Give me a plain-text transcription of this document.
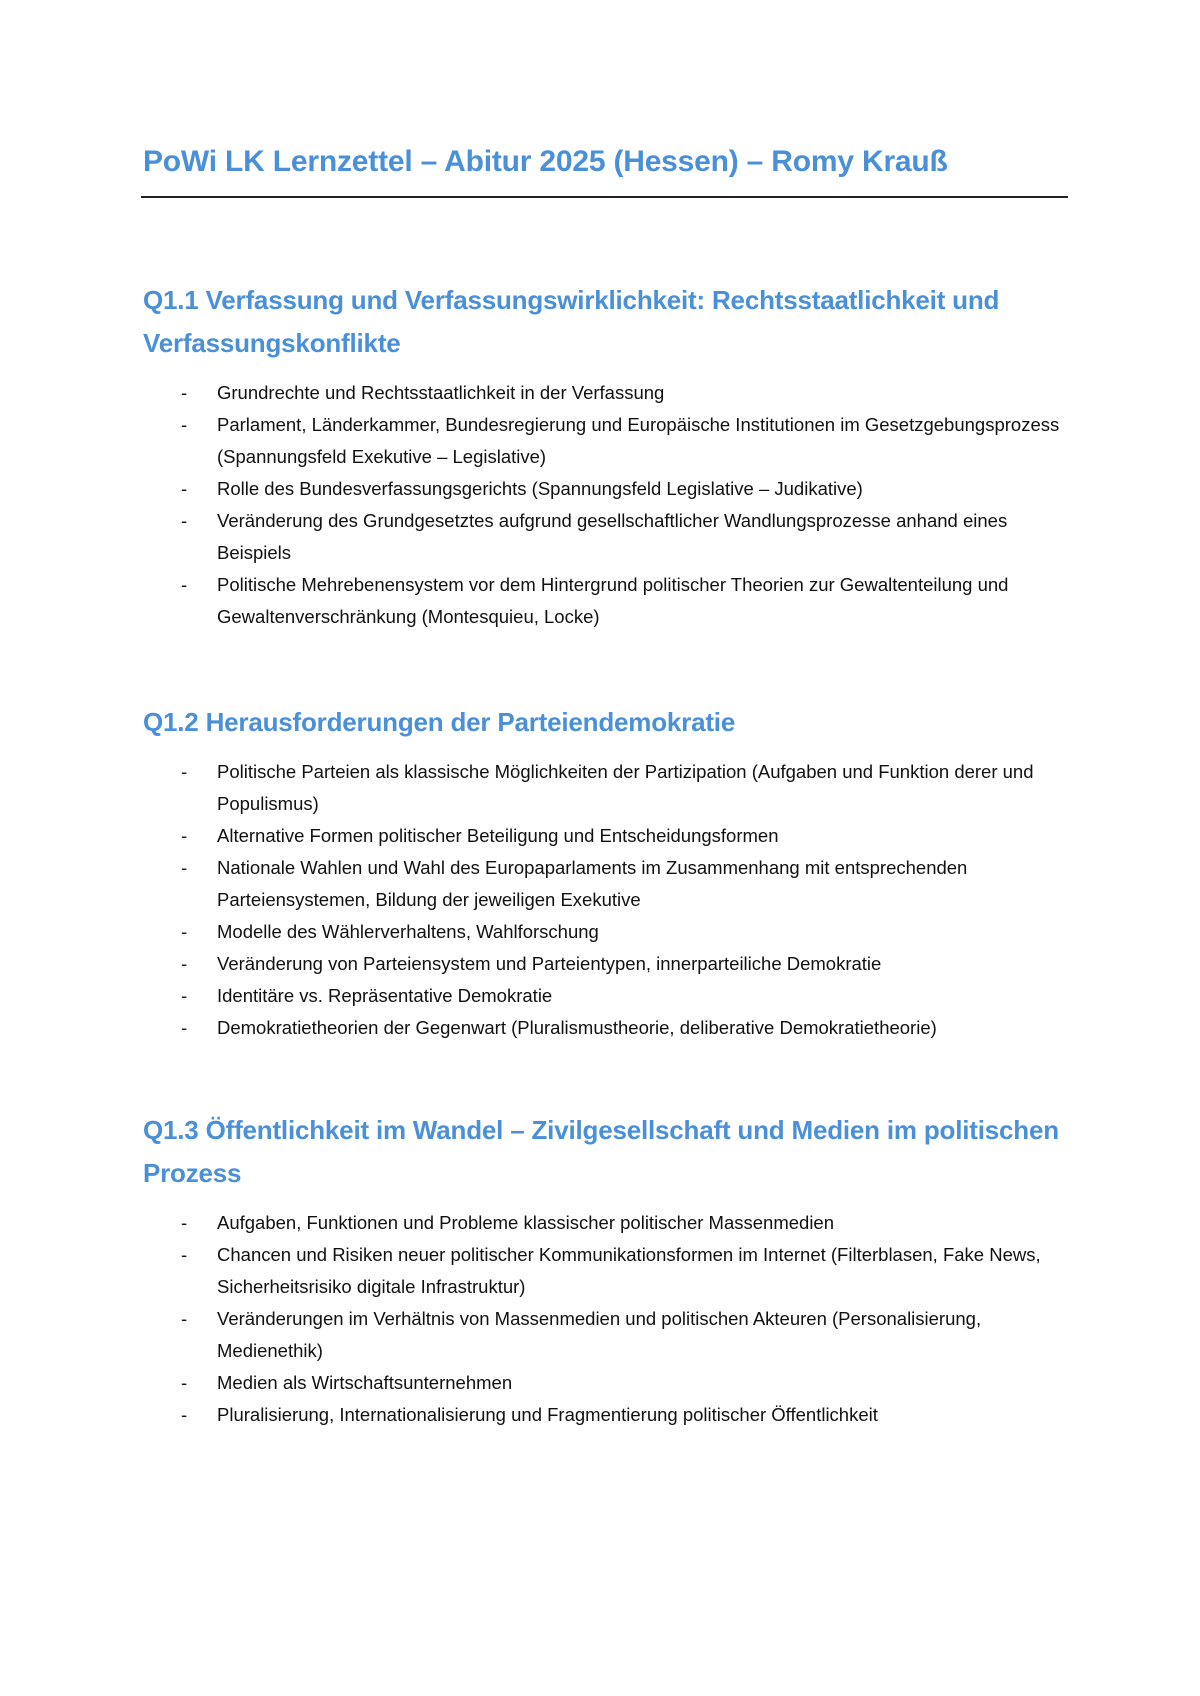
PoWi LK Lernzettel – Abitur 2025 (Hessen) – Romy Krauß
Q1.1 Verfassung und Verfassungswirklichkeit: Rechtsstaatlichkeit und Verfassungskonflikte
- Grundrechte und Rechtsstaatlichkeit in der Verfassung
- Parlament, Länderkammer, Bundesregierung und Europäische Institutionen im Gesetzgebungsprozess (Spannungsfeld Exekutive – Legislative)
- Rolle des Bundesverfassungsgerichts (Spannungsfeld Legislative – Judikative)
- Veränderung des Grundgesetztes aufgrund gesellschaftlicher Wandlungsprozesse anhand eines Beispiels
- Politische Mehrebenensystem vor dem Hintergrund politischer Theorien zur Gewaltenteilung und Gewaltenverschränkung (Montesquieu, Locke)
Q1.2 Herausforderungen der Parteiendemokratie
- Politische Parteien als klassische Möglichkeiten der Partizipation (Aufgaben und Funktion derer und Populismus)
- Alternative Formen politischer Beteiligung und Entscheidungsformen
- Nationale Wahlen und Wahl des Europaparlaments im Zusammenhang mit entsprechenden Parteiensystemen, Bildung der jeweiligen Exekutive
- Modelle des Wählerverhaltens, Wahlforschung
- Veränderung von Parteiensystem und Parteientypen, innerparteiliche Demokratie
- Identitäre vs. Repräsentative Demokratie
- Demokratietheorien der Gegenwart (Pluralismustheorie, deliberative Demokratietheorie)
Q1.3 Öffentlichkeit im Wandel – Zivilgesellschaft und Medien im politischen Prozess
- Aufgaben, Funktionen und Probleme klassischer politischer Massenmedien
- Chancen und Risiken neuer politischer Kommunikationsformen im Internet (Filterblasen, Fake News, Sicherheitsrisiko digitale Infrastruktur)
- Veränderungen im Verhältnis von Massenmedien und politischen Akteuren (Personalisierung, Medienethik)
- Medien als Wirtschaftsunternehmen
- Pluralisierung, Internationalisierung und Fragmentierung politischer Öffentlichkeit
